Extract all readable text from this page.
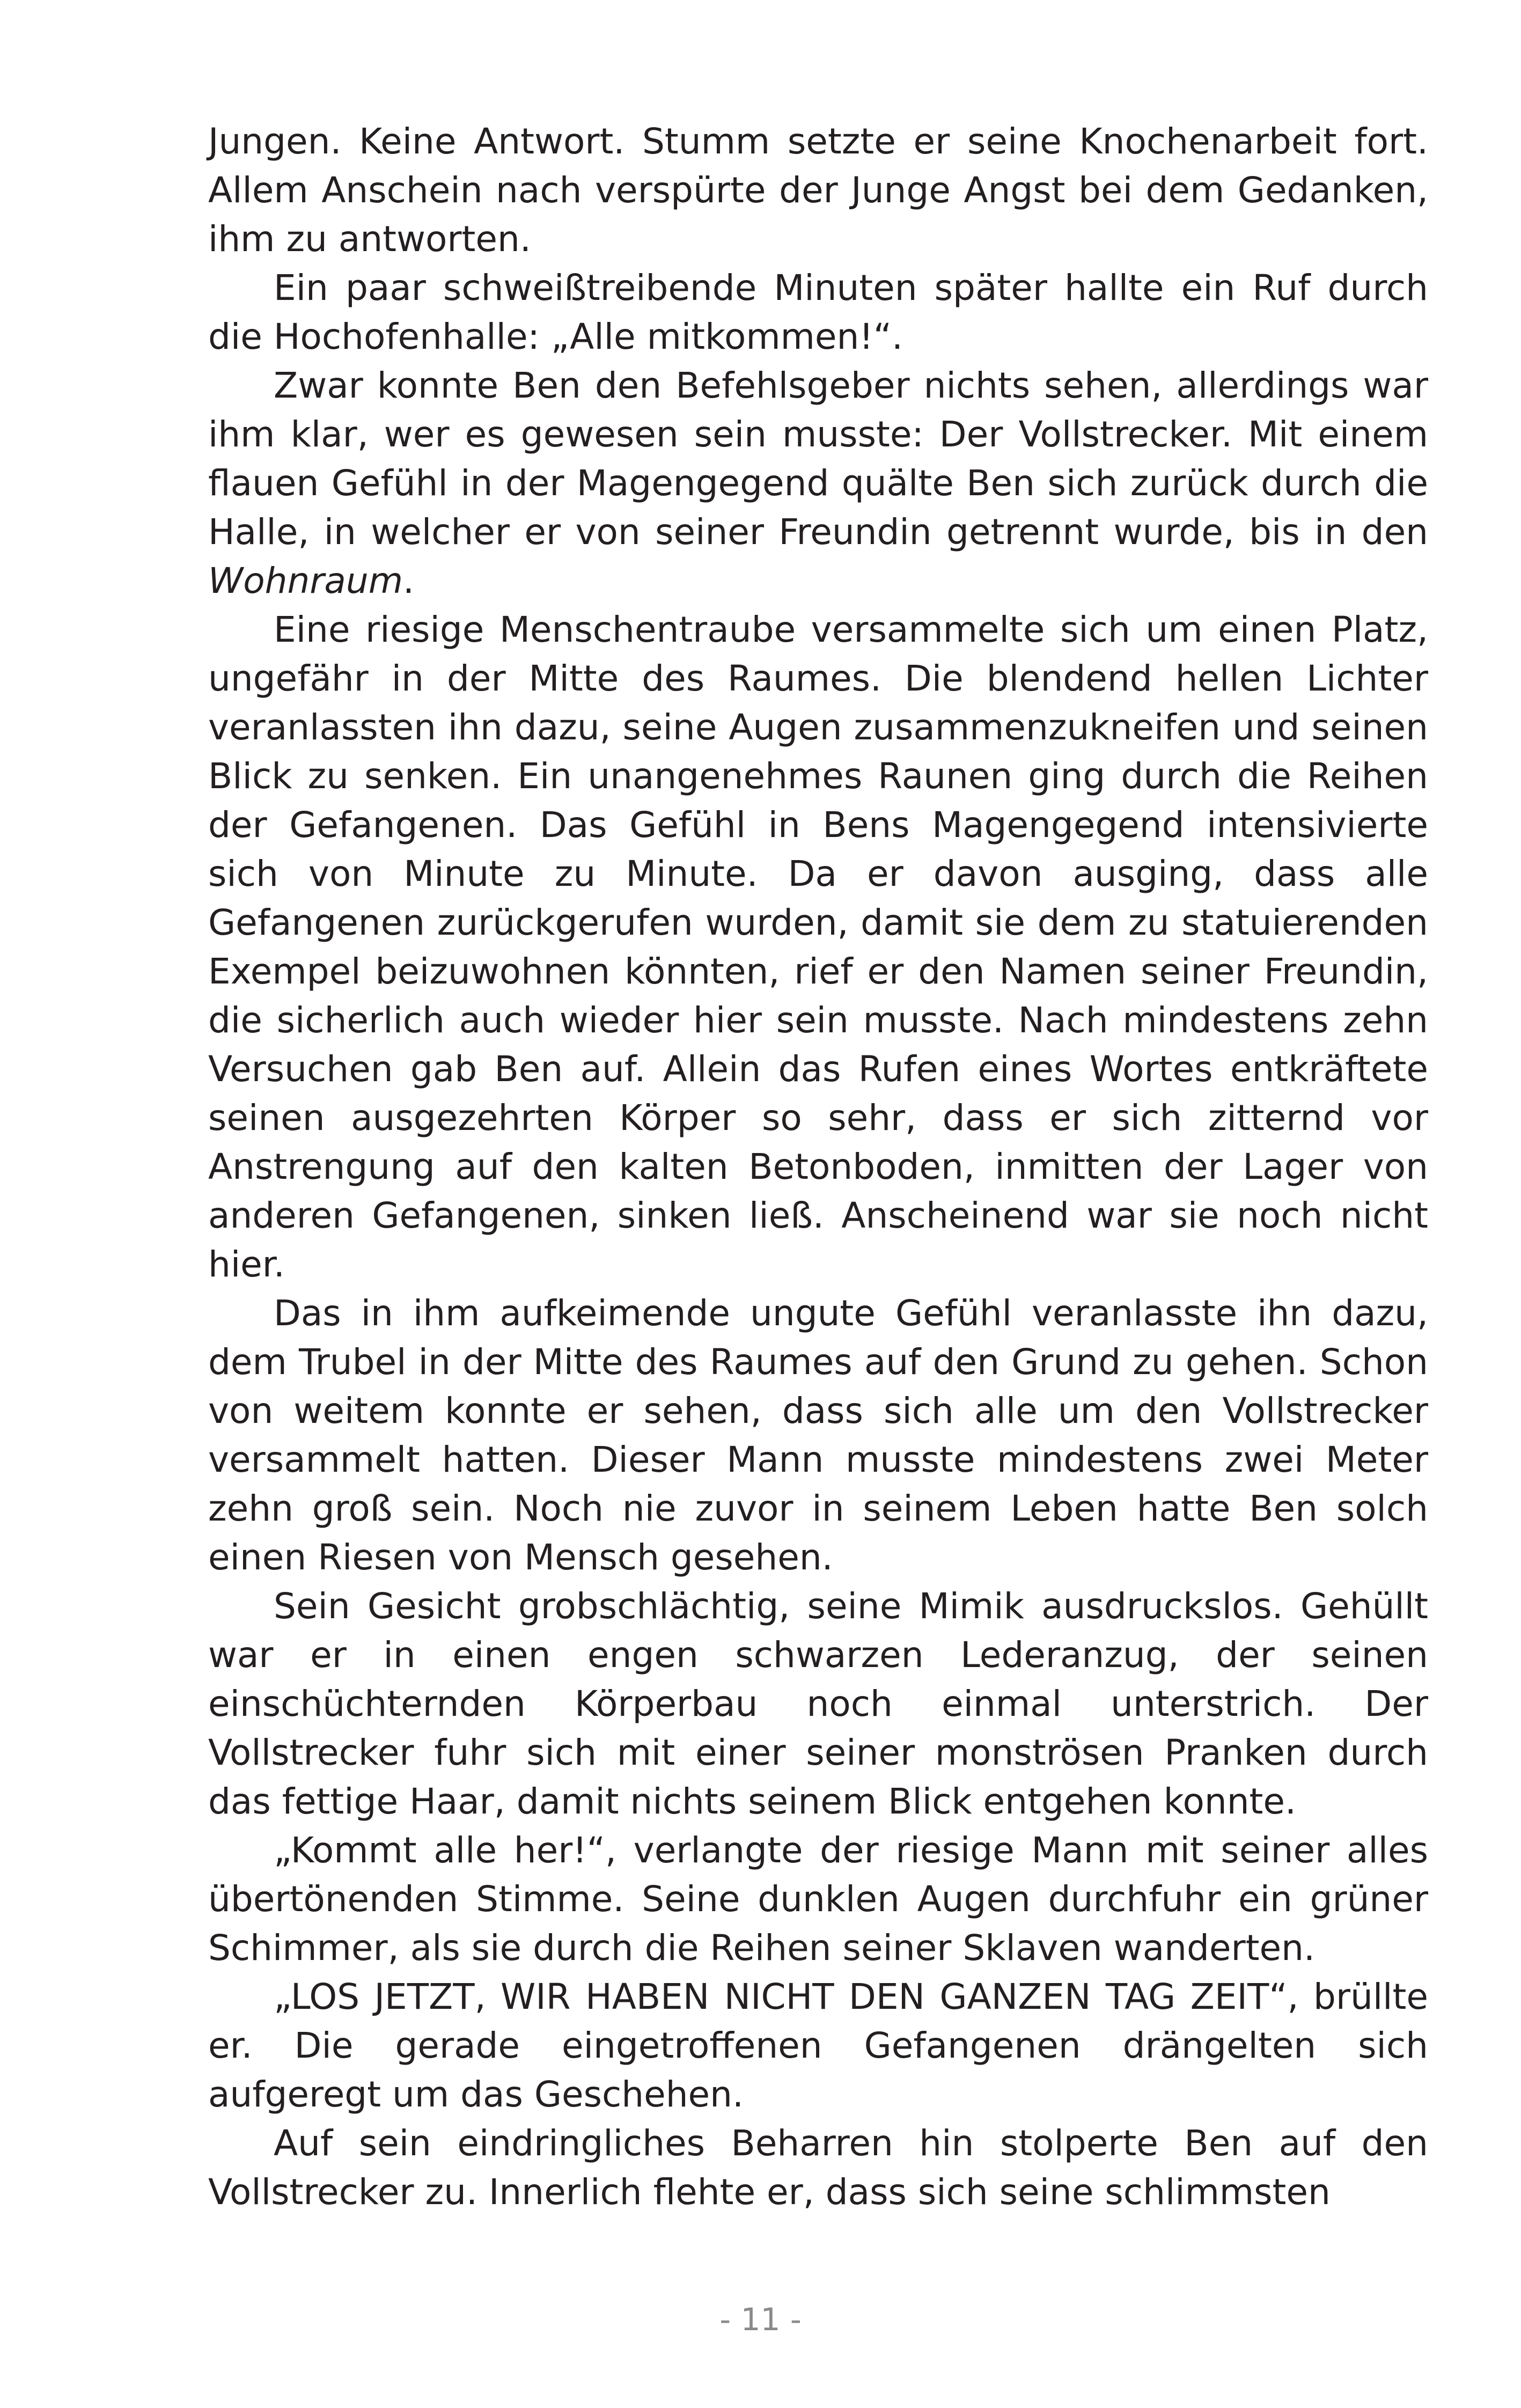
Jungen. Keine Antwort. Stumm setzte er seine Knochenarbeit fort. Allem Anschein nach verspürte der Junge Angst bei dem Gedanken, ihm zu antworten.

Ein paar schweißtreibende Minuten später hallte ein Ruf durch die Hochofenhalle: „Alle mitkommen!“.

Zwar konnte Ben den Befehlsgeber nichts sehen, allerdings war ihm klar, wer es gewesen sein musste: Der Vollstrecker. Mit einem flauen Gefühl in der Magengegend quälte Ben sich zurück durch die Halle, in welcher er von seiner Freundin getrennt wurde, bis in den Wohnraum.

Eine riesige Menschentraube versammelte sich um einen Platz, ungefähr in der Mitte des Raumes. Die blendend hellen Lichter veranlassten ihn dazu, seine Augen zusammenzukneifen und seinen Blick zu senken. Ein unangenehmes Raunen ging durch die Reihen der Gefangenen. Das Gefühl in Bens Magengegend intensivierte sich von Minute zu Minute. Da er davon ausging, dass alle Gefangenen zurückgerufen wurden, damit sie dem zu statuierenden Exempel beizuwohnen könnten, rief er den Namen seiner Freundin, die sicherlich auch wieder hier sein musste. Nach mindestens zehn Versuchen gab Ben auf. Allein das Rufen eines Wortes entkräftete seinen ausgezehrten Körper so sehr, dass er sich zitternd vor Anstrengung auf den kalten Betonboden, inmitten der Lager von anderen Gefangenen, sinken ließ. Anscheinend war sie noch nicht hier.

Das in ihm aufkeimende ungute Gefühl veranlasste ihn dazu, dem Trubel in der Mitte des Raumes auf den Grund zu gehen. Schon von weitem konnte er sehen, dass sich alle um den Vollstrecker versammelt hatten. Dieser Mann musste mindestens zwei Meter zehn groß sein. Noch nie zuvor in seinem Leben hatte Ben solch einen Riesen von Mensch gesehen.

Sein Gesicht grobschlächtig, seine Mimik ausdruckslos. Gehüllt war er in einen engen schwarzen Lederanzug, der seinen einschüchternden Körperbau noch einmal unterstrich. Der Vollstrecker fuhr sich mit einer seiner monströsen Pranken durch das fettige Haar, damit nichts seinem Blick entgehen konnte.

„Kommt alle her!“, verlangte der riesige Mann mit seiner alles übertönenden Stimme. Seine dunklen Augen durchfuhr ein grüner Schimmer, als sie durch die Reihen seiner Sklaven wanderten.

„LOS JETZT, WIR HABEN NICHT DEN GANZEN TAG ZEIT“, brüllte er. Die gerade eingetroffenen Gefangenen drängelten sich aufgeregt um das Geschehen.

Auf sein eindringliches Beharren hin stolperte Ben auf den Vollstrecker zu. Innerlich flehte er, dass sich seine schlimmsten

- 11 -
